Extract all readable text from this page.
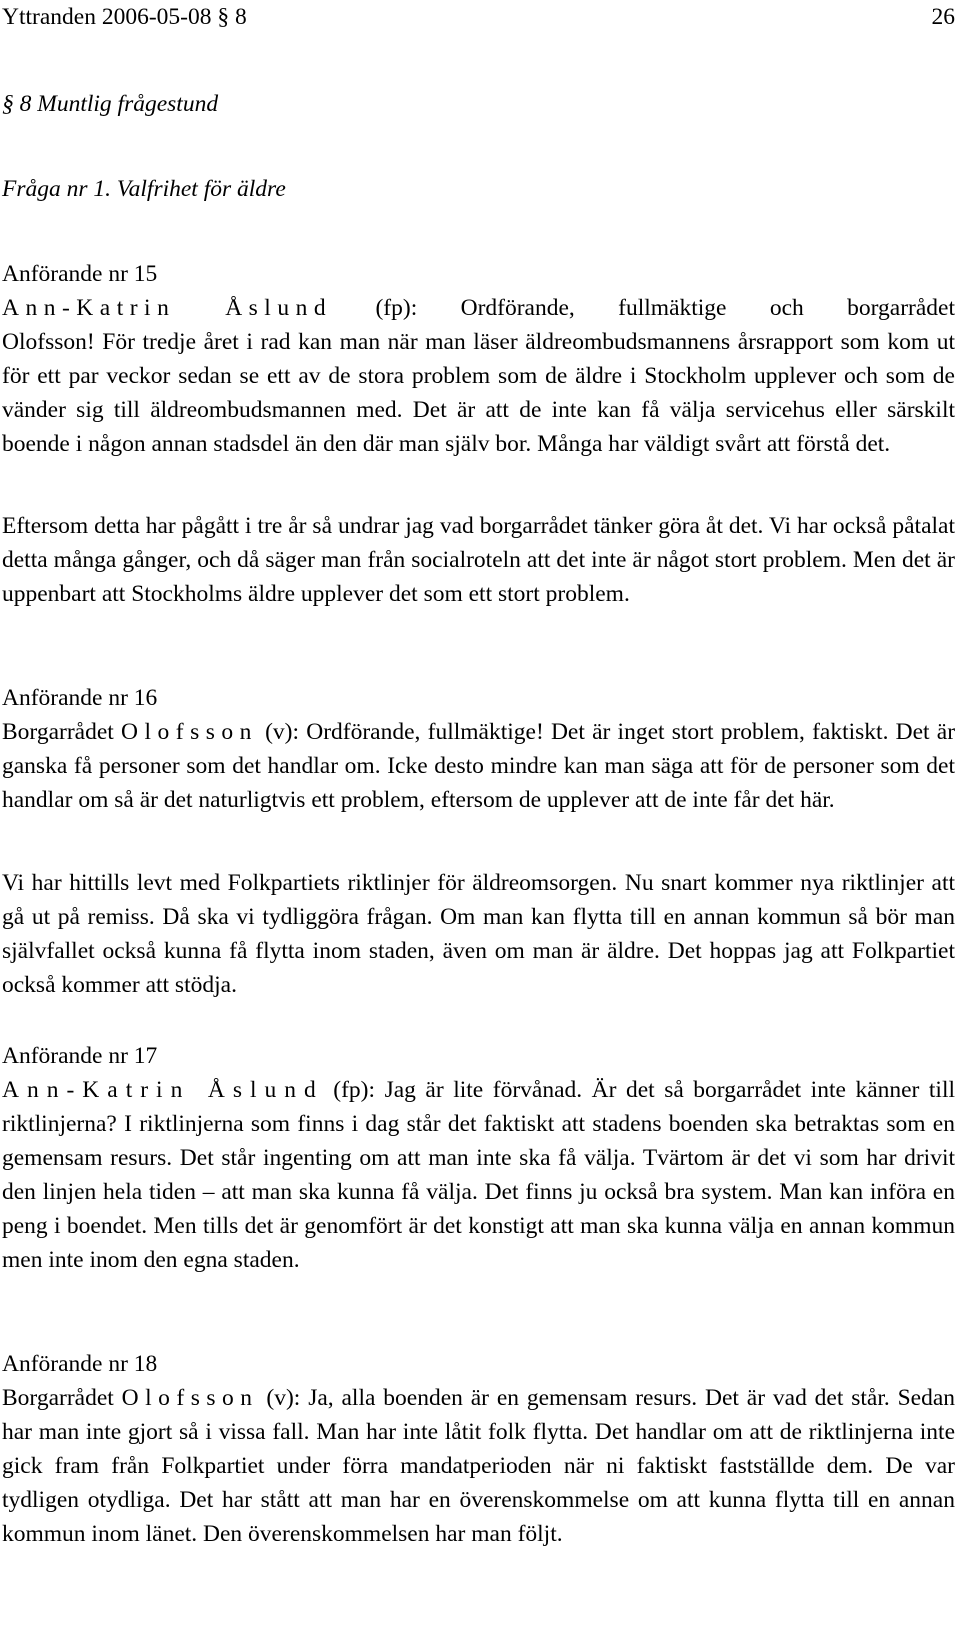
Yttranden 2006-05-08 § 8	26
§ 8 Muntlig frågestund
Fråga nr 1. Valfrihet för äldre
Anförande nr 15
Ann-Katrin Åslund (fp): Ordförande, fullmäktige och borgarrådet
Olofsson! För tredje året i rad kan man när man läser äldreombudsmannens årsrapport som kom ut för ett par veckor sedan se ett av de stora problem som de äldre i Stockholm upplever och som de vänder sig till äldreombudsmannen med. Det är att de inte kan få välja servicehus eller särskilt boende i någon annan stadsdel än den där man själv bor. Många har väldigt svårt att förstå det.
Eftersom detta har pågått i tre år så undrar jag vad borgarrådet tänker göra åt det. Vi har också påtalat detta många gånger, och då säger man från socialroteln att det inte är något stort problem. Men det är uppenbart att Stockholms äldre upplever det som ett stort problem.
Anförande nr 16
Borgarrådet Olofsson (v): Ordförande, fullmäktige! Det är inget stort problem, faktiskt. Det är ganska få personer som det handlar om. Icke desto mindre kan man säga att för de personer som det handlar om så är det naturligtvis ett problem, eftersom de upplever att de inte får det här.
Vi har hittills levt med Folkpartiets riktlinjer för äldreomsorgen. Nu snart kommer nya riktlinjer att gå ut på remiss. Då ska vi tydliggöra frågan. Om man kan flytta till en annan kommun så bör man självfallet också kunna få flytta inom staden, även om man är äldre. Det hoppas jag att Folkpartiet också kommer att stödja.
Anförande nr 17
Ann-Katrin Åslund (fp): Jag är lite förvånad. Är det så borgarrådet inte känner till riktlinjerna? I riktlinjerna som finns i dag står det faktiskt att stadens boenden ska betraktas som en gemensam resurs. Det står ingenting om att man inte ska få välja. Tvärtom är det vi som har drivit den linjen hela tiden – att man ska kunna få välja. Det finns ju också bra system. Man kan införa en peng i boendet. Men tills det är genomfört är det konstigt att man ska kunna välja en annan kommun men inte inom den egna staden.
Anförande nr 18
Borgarrådet Olofsson (v): Ja, alla boenden är en gemensam resurs. Det är vad det står. Sedan har man inte gjort så i vissa fall. Man har inte låtit folk flytta. Det handlar om att de riktlinjerna inte gick fram från Folkpartiet under förra mandatperioden när ni faktiskt fastställde dem. De var tydligen otydliga. Det har stått att man har en överenskommelse om att kunna flytta till en annan kommun inom länet. Den överenskommelsen har man följt.
